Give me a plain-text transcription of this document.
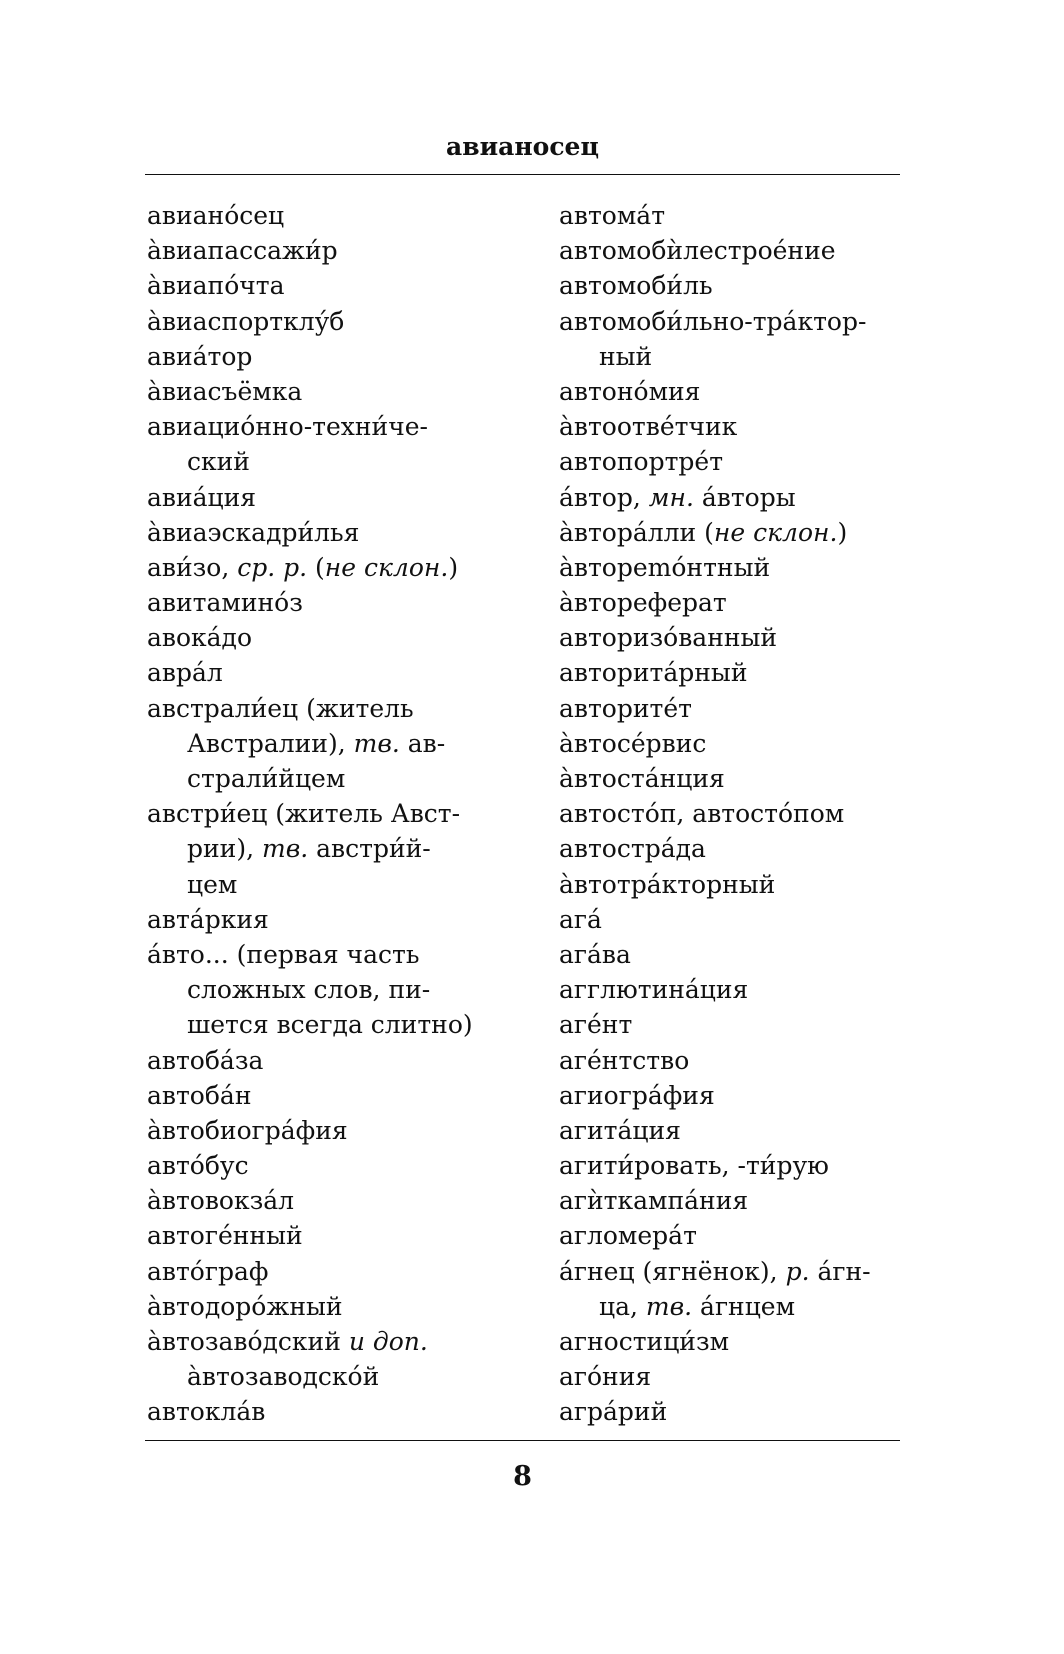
авианосец
авиано́сец
а̀виапассажи́р
а̀виапо́чта
а̀виаспортклу́б
авиа́тор
а̀виасъёмка
авиацио́нно-техни́че-
ский
авиа́ция
а̀виаэскадри́лья
ави́зо, ср. р. (не склон.)
авитамино́з
авока́до
авра́л
австрали́ец (житель
Австралии), тв. ав-
страли́йцем
австри́ец (житель Авст-
рии), тв. австри́й-
цем
авта́ркия
а́вто... (первая часть
сложных слов, пи-
шется всегда слитно)
автоба́за
автоба́н
а̀втобиогра́фия
авто́бус
а̀втовокза́л
автоге́нный
авто́граф
а̀втодоро́жный
а̀втозаво́дский и доп.
а̀втозаводско́й
автокла́в
автома́т
автомобѝлестрое́ние
автомоби́ль
автомоби́льно-тра́ктор-
ный
автоно́мия
а̀втоотве́тчик
автопортре́т
а́втор, мн. а́вторы
а̀втора́лли (не склон.)
а̀втореmо́нтный
а̀втореферат
авторизо́ванный
авторита́рный
авторите́т
а̀втосе́рвис
а̀втоста́нция
автосто́п, автосто́пом
автостра́да
а̀втотра́кторный
ага́
ага́ва
агглютина́ция
аге́нт
аге́нтство
агиогра́фия
агита́ция
агити́ровать, -ти́рую
агѝткампа́ния
агломера́т
а́гнец (ягнёнок), р. а́гн-
ца, тв. а́гнцем
агностици́зм
аго́ния
агра́рий
8
